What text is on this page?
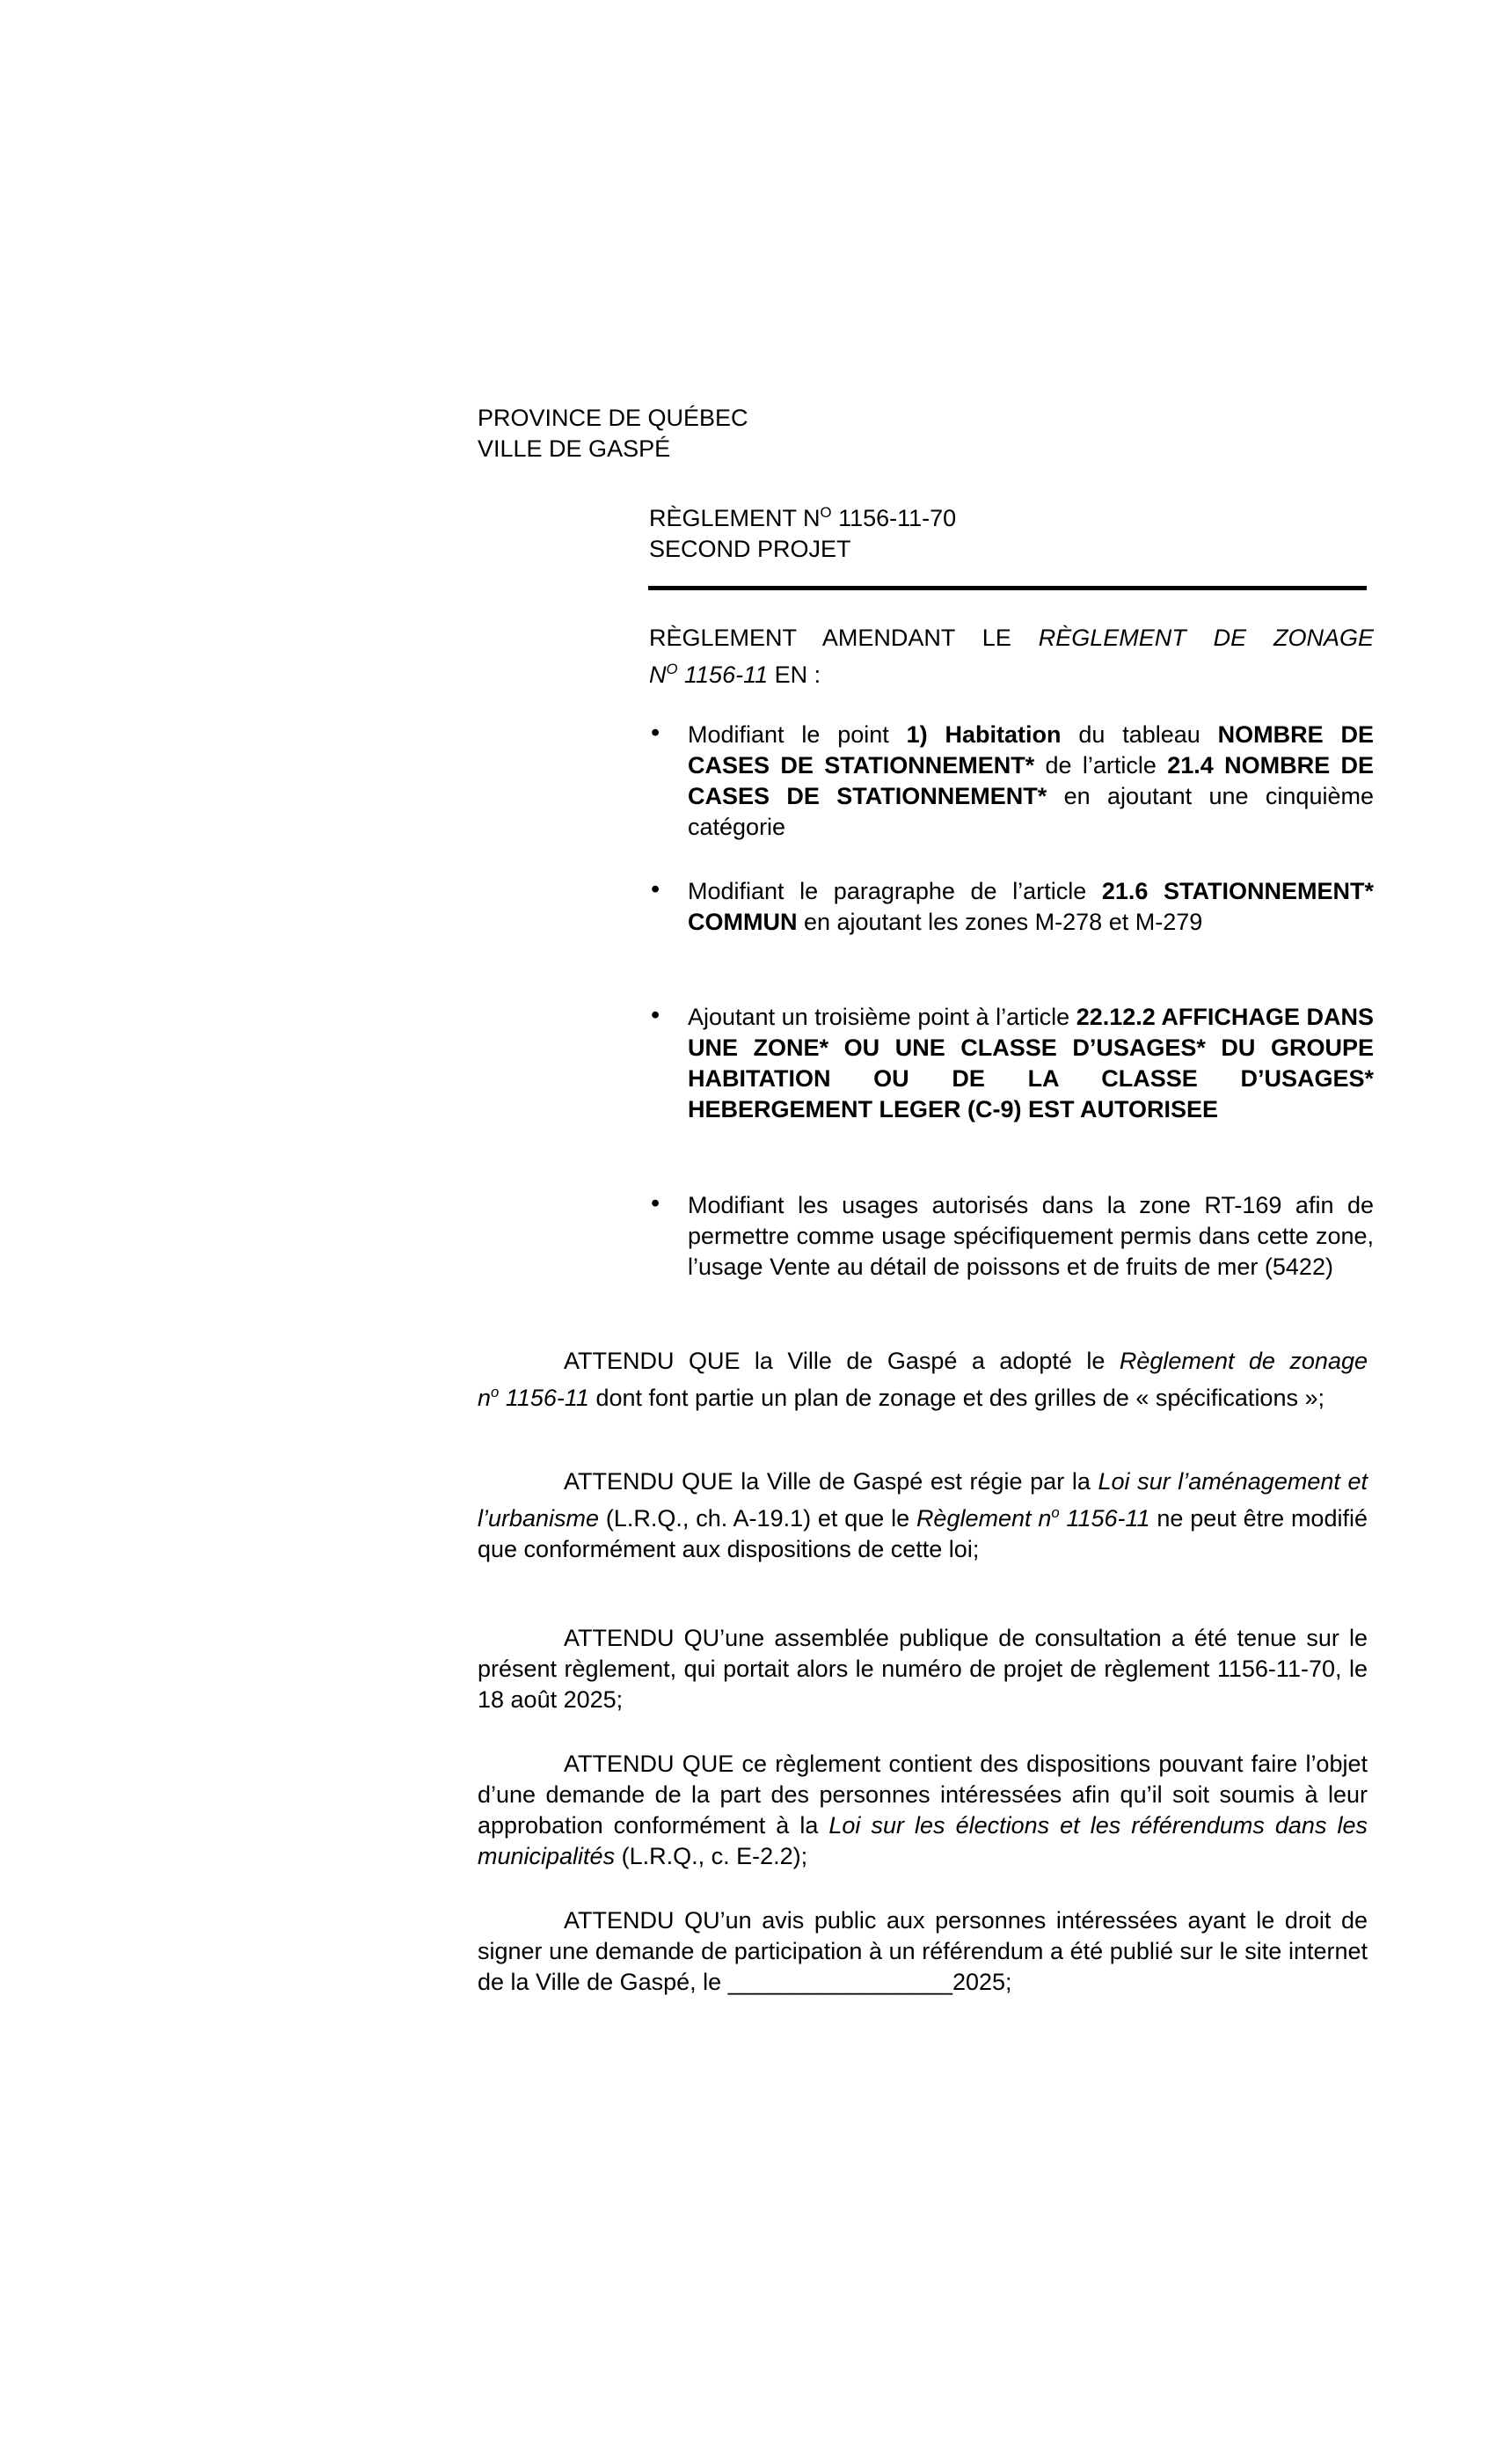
PROVINCE DE QUÉBEC
VILLE DE GASPÉ
RÈGLEMENT $N^O$ 1156-11-70
SECOND PROJET
RÈGLEMENT AMENDANT LE RÈGLEMENT DE ZONAGE
$N^O$ 1156-11 EN :
• Modifiant le point 1) Habitation du tableau NOMBRE DE CASES DE STATIONNEMENT* de l’article 21.4 NOMBRE DE CASES DE STATIONNEMENT* en ajoutant une cinquième catégorie
• Modifiant le paragraphe de l’article 21.6 STATIONNEMENT* COMMUN en ajoutant les zones M-278 et M-279
• Ajoutant un troisième point à l’article 22.12.2 AFFICHAGE DANS UNE ZONE* OU UNE CLASSE D’USAGES* DU GROUPE HABITATION OU DE LA CLASSE D’USAGES* HEBERGEMENT LEGER (C-9) EST AUTORISEE
• Modifiant les usages autorisés dans la zone RT-169 afin de permettre comme usage spécifiquement permis dans cette zone, l’usage Vente au détail de poissons et de fruits de mer (5422)
ATTENDU QUE la Ville de Gaspé a adopté le Règlement de zonage $n^o$ 1156-11 dont font partie un plan de zonage et des grilles de « spécifications »;
ATTENDU QUE la Ville de Gaspé est régie par la Loi sur l’aménagement et l’urbanisme (L.R.Q., ch. A-19.1) et que le Règlement $n^o$ 1156-11 ne peut être modifié que conformément aux dispositions de cette loi;
ATTENDU QU’une assemblée publique de consultation a été tenue sur le présent règlement, qui portait alors le numéro de projet de règlement 1156-11-70, le 18 août 2025;
ATTENDU QUE ce règlement contient des dispositions pouvant faire l’objet d’une demande de la part des personnes intéressées afin qu’il soit soumis à leur approbation conformément à la Loi sur les élections et les référendums dans les municipalités (L.R.Q., c. E-2.2);
ATTENDU QU’un avis public aux personnes intéressées ayant le droit de signer une demande de participation à un référendum a été publié sur le site internet de la Ville de Gaspé, le _________________2025;
